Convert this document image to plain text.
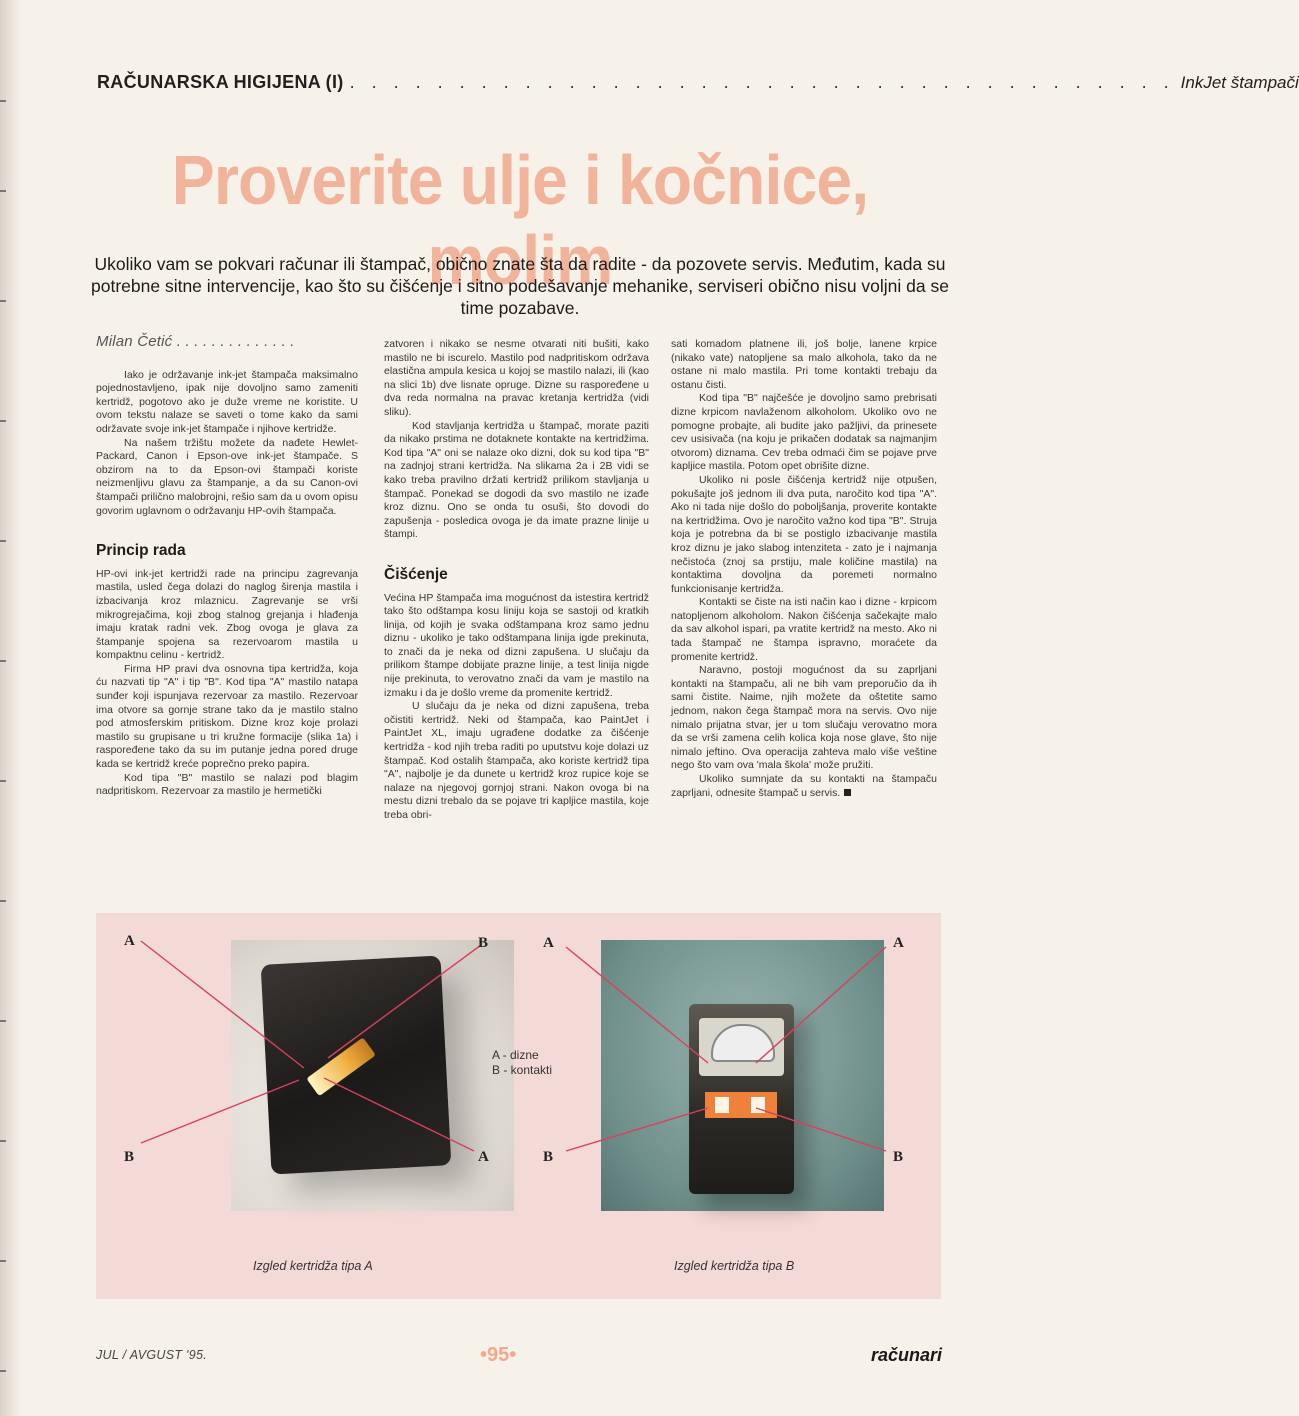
RAČUNARSKA HIGIJENA (I) . . . . . . . . . . . . . . . . . . . . . . . . . . . . . . . . . . . . . . InkJet štampači
Proverite ulje i kočnice, molim
Ukoliko vam se pokvari računar ili štampač, obično znate šta da radite - da pozovete servis. Međutim, kada su potrebne sitne intervencije, kao što su čišćenje i sitno podešavanje mehanike, serviseri obično nisu voljni da se time pozabave.
Milan Četić . . . . . . . . . . . . . .

Iako je održavanje ink-jet štampača maksimalno pojednostavljeno, ipak nije dovoljno samo zameniti kertridž, pogotovo ako je duže vreme ne koristite. U ovom tekstu nalaze se saveti o tome kako da sami održavate svoje ink-jet štampače i njihove kertridže.

Na našem tržištu možete da nađete Hewlet-Packard, Canon i Epson-ove ink-jet štampače. S obzirom na to da Epson-ovi štampači koriste neizmenljivu glavu za štampanje, a da su Canon-ovi štampači prilično malobrojni, rešio sam da u ovom opisu govorim uglavnom o održavanju HP-ovih štampača.

Princip rada

HP-ovi ink-jet kertridži rade na principu zagrevanja mastila, usled čega dolazi do naglog širenja mastila i izbacivanja kroz mlaznicu. Zagrevanje se vrši mikrogrejačima, koji zbog stalnog grejanja i hlađenja imaju kratak radni vek. Zbog ovoga je glava za štampanje spojena sa rezervoarom mastila u kompaktnu celinu - kertridž.

Firma HP pravi dva osnovna tipa kertridža, koja ću nazvati tip "A" i tip "B". Kod tipa "A" mastilo natapa sunđer koji ispunjava rezervoar za mastilo. Rezervoar ima otvore sa gornje strane tako da je mastilo stalno pod atmosferskim pritiskom. Dizne kroz koje prolazi mastilo su grupisane u tri kružne formacije (slika 1a) i raspoređene tako da su im putanje jedna pored druge kada se kertridž kreće poprečno preko papira.

Kod tipa "B" mastilo se nalazi pod blagim nadpritiskom. Rezervoar za mastilo je hermetički

zatvoren i nikako se nesme otvarati niti bušiti, kako mastilo ne bi iscurelo. Mastilo pod nadpritiskom održava elastična ampula kesica u kojoj se mastilo nalazi, ili (kao na slici 1b) dve lisnate opruge. Dizne su raspoređene u dva reda normalna na pravac kretanja kertridža (vidi sliku).

Kod stavljanja kertridža u štampač, morate paziti da nikako prstima ne dotaknete kontakte na kertridžima. Kod tipa "A" oni se nalaze oko dizni, dok su kod tipa "B" na zadnjoj strani kertridža. Na slikama 2a i 2B vidi se kako treba pravilno držati kertridž prilikom stavljanja u štampač. Ponekad se dogodi da svo mastilo ne izađe kroz diznu. Ono se onda tu osuši, što dovodi do zapušenja - posledica ovoga je da imate prazne linije u štampi.

Čišćenje

Većina HP štampača ima mogućnost da istestira kertridž tako što odštampa kosu liniju koja se sastoji od kratkih linija, od kojih je svaka odštampana kroz samo jednu diznu - ukoliko je tako odštampana linija igde prekinuta, to znači da je neka od dizni zapušena. U slučaju da prilikom štampe dobijate prazne linije, a test linija nigde nije prekinuta, to verovatno znači da vam je mastilo na izmaku i da je došlo vreme da promenite kertridž.

U slučaju da je neka od dizni zapušena, treba očistiti kertridž. Neki od štampača, kao PaintJet i PaintJet XL, imaju ugrađene dodatke za čišćenje kertridža - kod njih treba raditi po uputstvu koje dolazi uz štampač. Kod ostalih štampača, ako koriste kertridž tipa "A", najbolje je da dunete u kertridž kroz rupice koje se nalaze na njegovoj gornjoj strani. Nakon ovoga bi na mestu dizni trebalo da se pojave tri kapljice mastila, koje treba obri-

sati komadom platnene ili, još bolje, lanene krpice (nikako vate) natopljene sa malo alkohola, tako da ne ostane ni malo mastila. Pri tome kontakti trebaju da ostanu čisti.

Kod tipa "B" najčešće je dovoljno samo prebrisati dizne krpicom navlaženom alkoholom. Ukoliko ovo ne pomogne probajte, ali budite jako pažljivi, da prinesete cev usisivača (na koju je prikačen dodatak sa najmanjim otvorom) diznama. Cev treba odmaći čim se pojave prve kapljice mastila. Potom opet obrišite dizne.

Ukoliko ni posle čišćenja kertridž nije otpušen, pokušajte još jednom ili dva puta, naročito kod tipa "A". Ako ni tada nije došlo do poboljšanja, proverite kontakte na kertridžima. Ovo je naročito važno kod tipa "B". Struja koja je potrebna da bi se postiglo izbacivanje mastila kroz diznu je jako slabog intenziteta - zato je i najmanja nečistoća (znoj sa prstiju, male količine mastila) na kontaktima dovoljna da poremeti normalno funkcionisanje kertridža.

Kontakti se čiste na isti način kao i dizne - krpicom natopljenom alkoholom. Nakon čišćenja sačekajte malo da sav alkohol ispari, pa vratite kertridž na mesto. Ako ni tada štampač ne štampa ispravno, moraćete da promenite kertridž.

Naravno, postoji mogućnost da su zaprljani kontakti na štampaču, ali ne bih vam preporučio da ih sami čistite. Naime, njih možete da oštetite samo jednom, nakon čega štampač mora na servis. Ovo nije nimalo prijatna stvar, jer u tom slučaju verovatno mora da se vrši zamena celih kolica koja nose glave, što nije nimalo jeftino. Ova operacija zahteva malo više veštine nego što vam ova 'mala škola' može pružiti.

Ukoliko sumnjate da su kontakti na štampaču zaprljani, odnesite štampač u servis.

A	B
B	A
A	A
B	B
A - dizne
B - kontakti
Izgled kertridža tipa A	Izgled kertridža tipa B
JUL / AVGUST '95.	•95•	računari
